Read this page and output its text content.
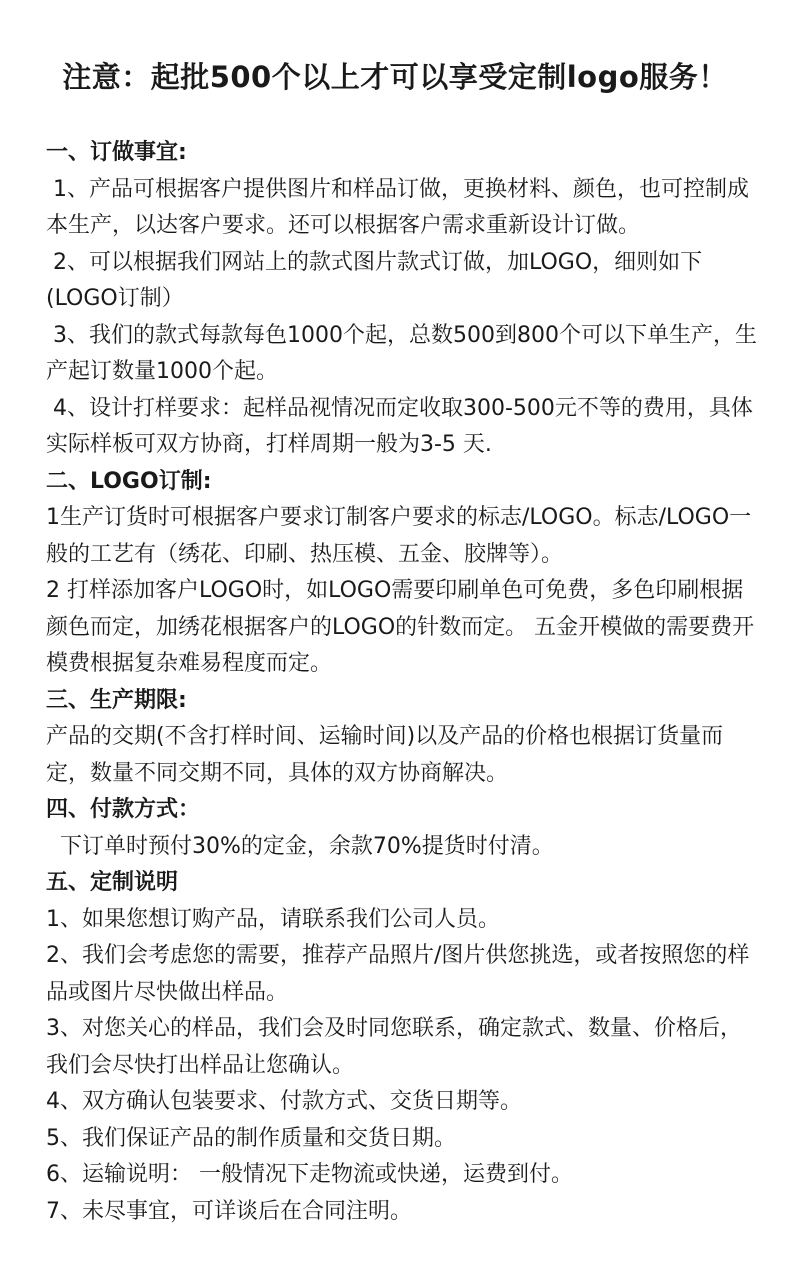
注意：起批500个以上才可以享受定制logo服务！
一、订做事宜:
1、产品可根据客户提供图片和样品订做，更换材料、颜色，也可控制成本生产，以达客户要求。还可以根据客户需求重新设计订做。
2、可以根据我们网站上的款式图片款式订做，加LOGO，细则如下(LOGO订制）
3、我们的款式每款每色1000个起，总数500到800个可以下单生产，生产起订数量1000个起。
4、设计打样要求：起样品视情况而定收取300-500元不等的费用，具体实际样板可双方协商，打样周期一般为3-5 天.
二、LOGO订制:
1生产订货时可根据客户要求订制客户要求的标志/LOGO。标志/LOGO一般的工艺有（绣花、印刷、热压模、五金、胶牌等）。
2 打样添加客户LOGO时，如LOGO需要印刷单色可免费，多色印刷根据颜色而定，加绣花根据客户的LOGO的针数而定。 五金开模做的需要费开模费根据复杂难易程度而定。
三、生产期限:
产品的交期(不含打样时间、运输时间)以及产品的价格也根据订货量而定，数量不同交期不同，具体的双方协商解决。
四、付款方式：
下订单时预付30%的定金，余款70%提货时付清。
五、定制说明
1、如果您想订购产品，请联系我们公司人员。
2、我们会考虑您的需要，推荐产品照片/图片供您挑选，或者按照您的样品或图片尽快做出样品。
3、对您关心的样品，我们会及时同您联系，确定款式、数量、价格后，我们会尽快打出样品让您确认。
4、双方确认包装要求、付款方式、交货日期等。
5、我们保证产品的制作质量和交货日期。
6、运输说明： 一般情况下走物流或快递，运费到付。
7、未尽事宜，可详谈后在合同注明。
